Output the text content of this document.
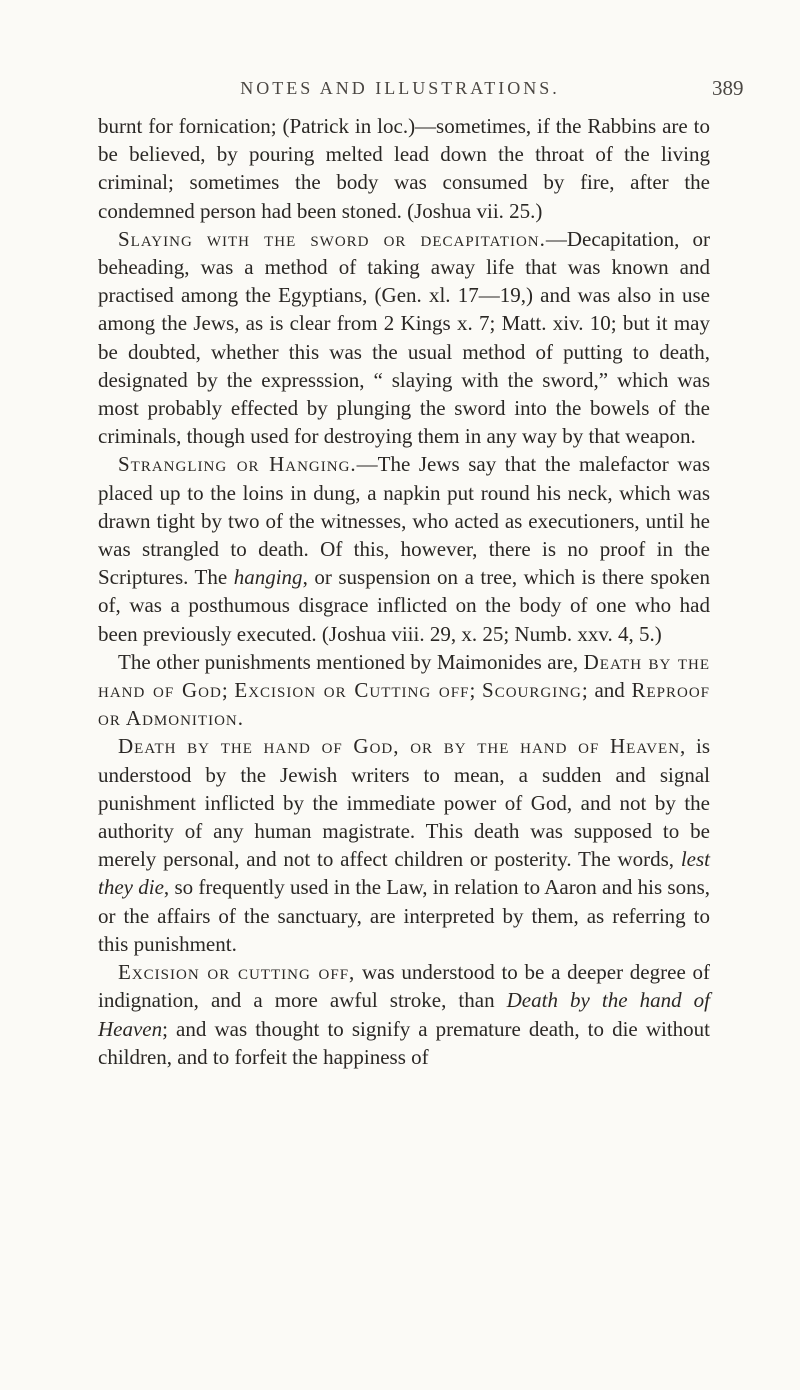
NOTES AND ILLUSTRATIONS.	389

burnt for fornication; (Patrick in loc.)—sometimes, if the Rabbins are to be believed, by pouring melted lead down the throat of the living criminal; sometimes the body was consumed by fire, after the condemned person had been stoned. (Joshua vii. 25.)

Slaying with the sword or decapitation.—Decapitation, or beheading, was a method of taking away life that was known and practised among the Egyptians, (Gen. xl. 17—19,) and was also in use among the Jews, as is clear from 2 Kings x. 7; Matt. xiv. 10; but it may be doubted, whether this was the usual method of putting to death, designated by the expresssion, “ slaying with the sword,” which was most probably effected by plunging the sword into the bowels of the criminals, though used for destroying them in any way by that weapon.

Strangling or Hanging.—The Jews say that the malefactor was placed up to the loins in dung, a napkin put round his neck, which was drawn tight by two of the witnesses, who acted as executioners, until he was strangled to death. Of this, however, there is no proof in the Scriptures. The hanging, or suspension on a tree, which is there spoken of, was a posthumous disgrace inflicted on the body of one who had been previously executed. (Joshua viii. 29, x. 25; Numb. xxv. 4, 5.)

The other punishments mentioned by Maimonides are, Death by the hand of God; Excision or Cutting off; Scourging; and Reproof or Admonition.

Death by the hand of God, or by the hand of Heaven, is understood by the Jewish writers to mean, a sudden and signal punishment inflicted by the immediate power of God, and not by the authority of any human magistrate. This death was supposed to be merely personal, and not to affect children or posterity. The words, lest they die, so frequently used in the Law, in relation to Aaron and his sons, or the affairs of the sanctuary, are interpreted by them, as referring to this punishment.

Excision or cutting off, was understood to be a deeper degree of indignation, and a more awful stroke, than Death by the hand of Heaven; and was thought to signify a premature death, to die without children, and to forfeit the happiness of
